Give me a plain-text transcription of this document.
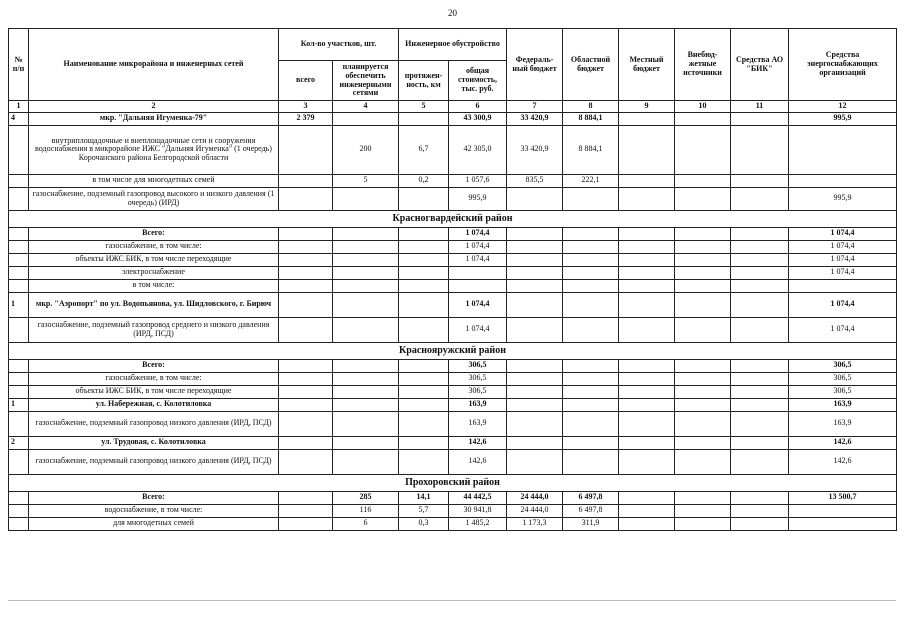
20
№ п/п	Наименование микрорайона и инженерных сетей	Кол-во участков, шт.		Инженерное обустройство		Федераль- ный бюджет	Областной бюджет	Местный бюджет	Внебюд- жетные источники	Средства АО "БИК"	Средства энергоснабжающих организаций
		всего	планируется обеспечить инженерными сетями	протяжен- ность, км	общая стоимость, тыс. руб.						
1	2	3	4	5	6	7	8	9	10	11	12
4	мкр. "Дальняя Игуменка-79"	2 379			43 300,9	33 420,9	8 884,1				995,9
	внутриплощадочные и внеплощадочные сети и сооружения водоснабжения в микрорайоне ИЖС "Дальняя Игуменка" (1 очередь) Корочанского района Белгородской области		200	6,7	42 305,0	33 420,9	8 884,1				
	в том числе для многодетных семей		5	0,2	1 057,6	835,5	222,1				
	газоснабжение, подземный газопровод высокого и низкого давления (1 очередь) (ИРД)				995,9						995,9
Красногвардейский район											
	Всего:				1 074,4						1 074,4
	газоснабжение, в том числе:				1 074,4						1 074,4
	объекты ИЖС БИК, в том числе переходящие				1 074,4						1 074,4
	электроснабжение										1 074,4
	в том числе:										
1	мкр. "Аэропорт" по ул. Водопьянова, ул. Шидловского, г. Бирюч				1 074,4						1 074,4
	газоснабжение, подземный газопровод среднего и низкого давления (ИРД, ПСД)				1 074,4						1 074,4
Краснояружский район											
	Всего:				306,5						306,5
	газоснабжение, в том числе:				306,5						306,5
	объекты ИЖС БИК, в том числе переходящие				306,5						306,5
1	ул. Набережная, с. Колотиловка				163,9						163,9
	газоснабжение, подземный газопровод низкого давления (ИРД, ПСД)				163,9						163,9
2	ул. Трудовая, с. Колотиловка				142,6						142,6
	газоснабжение, подземный газопровод низкого давления (ИРД, ПСД)				142,6						142,6
Прохоровский район											
	Всего:		285	14,1	44 442,5	24 444,0	6 497,8				13 500,7
	водоснабжение, в том числе:		116	5,7	30 941,8	24 444,0	6 497,8				
	для многодетных семей		6	0,3	1 485,2	1 173,3	311,9				
